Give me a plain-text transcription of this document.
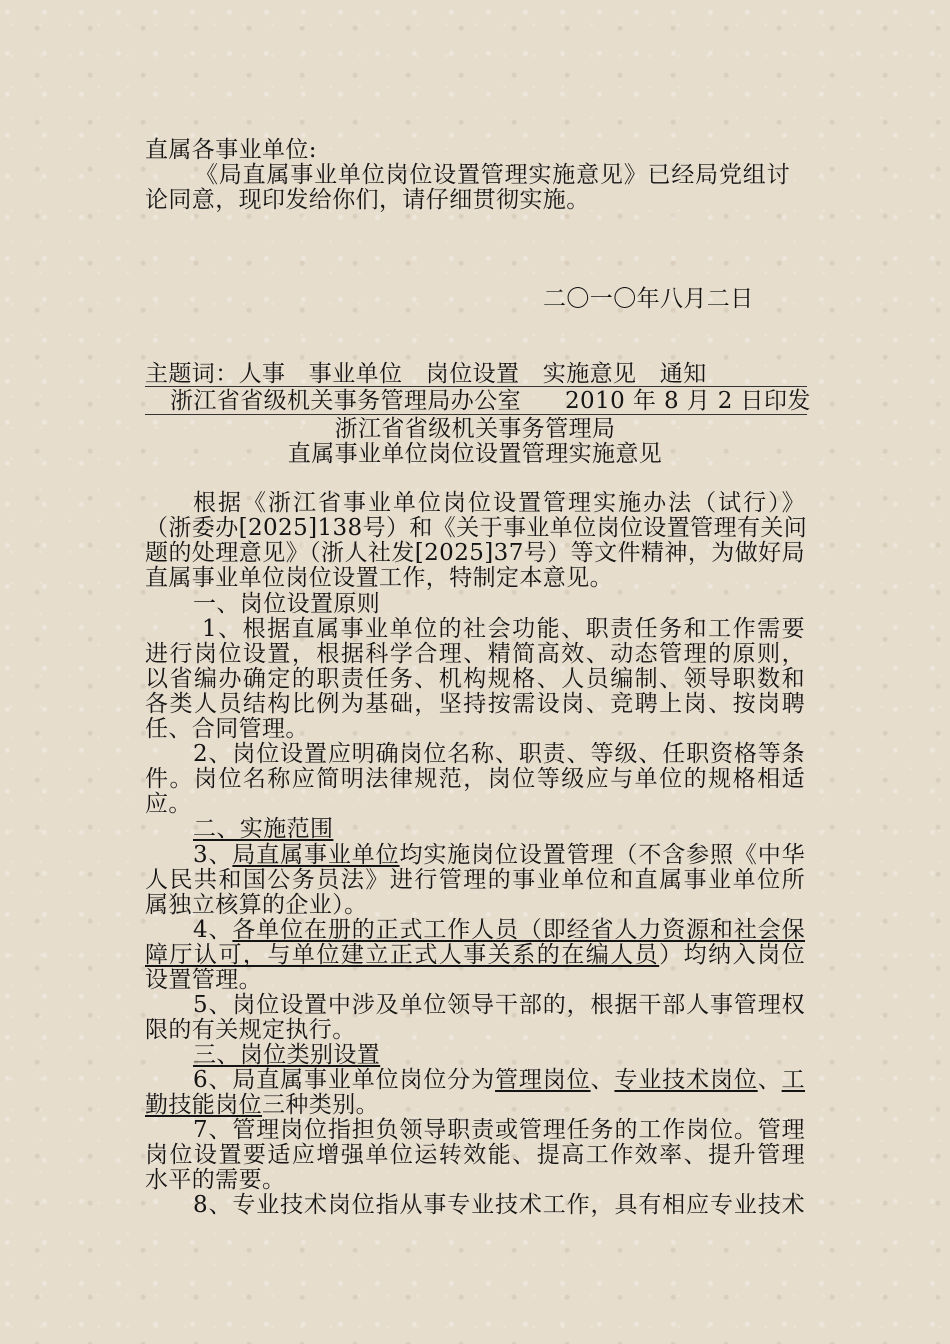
直属各事业单位:
《局直属事业单位岗位设置管理实施意见》已经局党组讨
论同意，现印发给你们，请仔细贯彻实施。
二〇一〇年八月二日
主题词：人事　事业单位　岗位设置　实施意见　通知
浙江省省级机关事务管理局办公室	2010 年 8 月 2 日印发
浙江省省级机关事务管理局
直属事业单位岗位设置管理实施意见
根据《浙江省事业单位岗位设置管理实施办法（试行）》
（浙委办[2025]138号）和《关于事业单位岗位设置管理有关问
题的处理意见》（浙人社发[2025]37号）等文件精神，为做好局
直属事业单位岗位设置工作，特制定本意见。
一、岗位设置原则
1、根据直属事业单位的社会功能、职责任务和工作需要
进行岗位设置，根据科学合理、精简高效、动态管理的原则，
以省编办确定的职责任务、机构规格、人员编制、领导职数和
各类人员结构比例为基础，坚持按需设岗、竞聘上岗、按岗聘
任、合同管理。
2、岗位设置应明确岗位名称、职责、等级、任职资格等条
件。岗位名称应简明法律规范，岗位等级应与单位的规格相适
应。
二、实施范围
3、局直属事业单位均实施岗位设置管理（不含参照《中华
人民共和国公务员法》进行管理的事业单位和直属事业单位所
属独立核算的企业）。
4、各单位在册的正式工作人员（即经省人力资源和社会保
障厅认可，与单位建立正式人事关系的在编人员）均纳入岗位
设置管理。
5、岗位设置中涉及单位领导干部的，根据干部人事管理权
限的有关规定执行。
三、岗位类别设置
6、局直属事业单位岗位分为管理岗位、专业技术岗位、工
勤技能岗位三种类别。
7、管理岗位指担负领导职责或管理任务的工作岗位。管理
岗位设置要适应增强单位运转效能、提高工作效率、提升管理
水平的需要。
8、专业技术岗位指从事专业技术工作，具有相应专业技术
